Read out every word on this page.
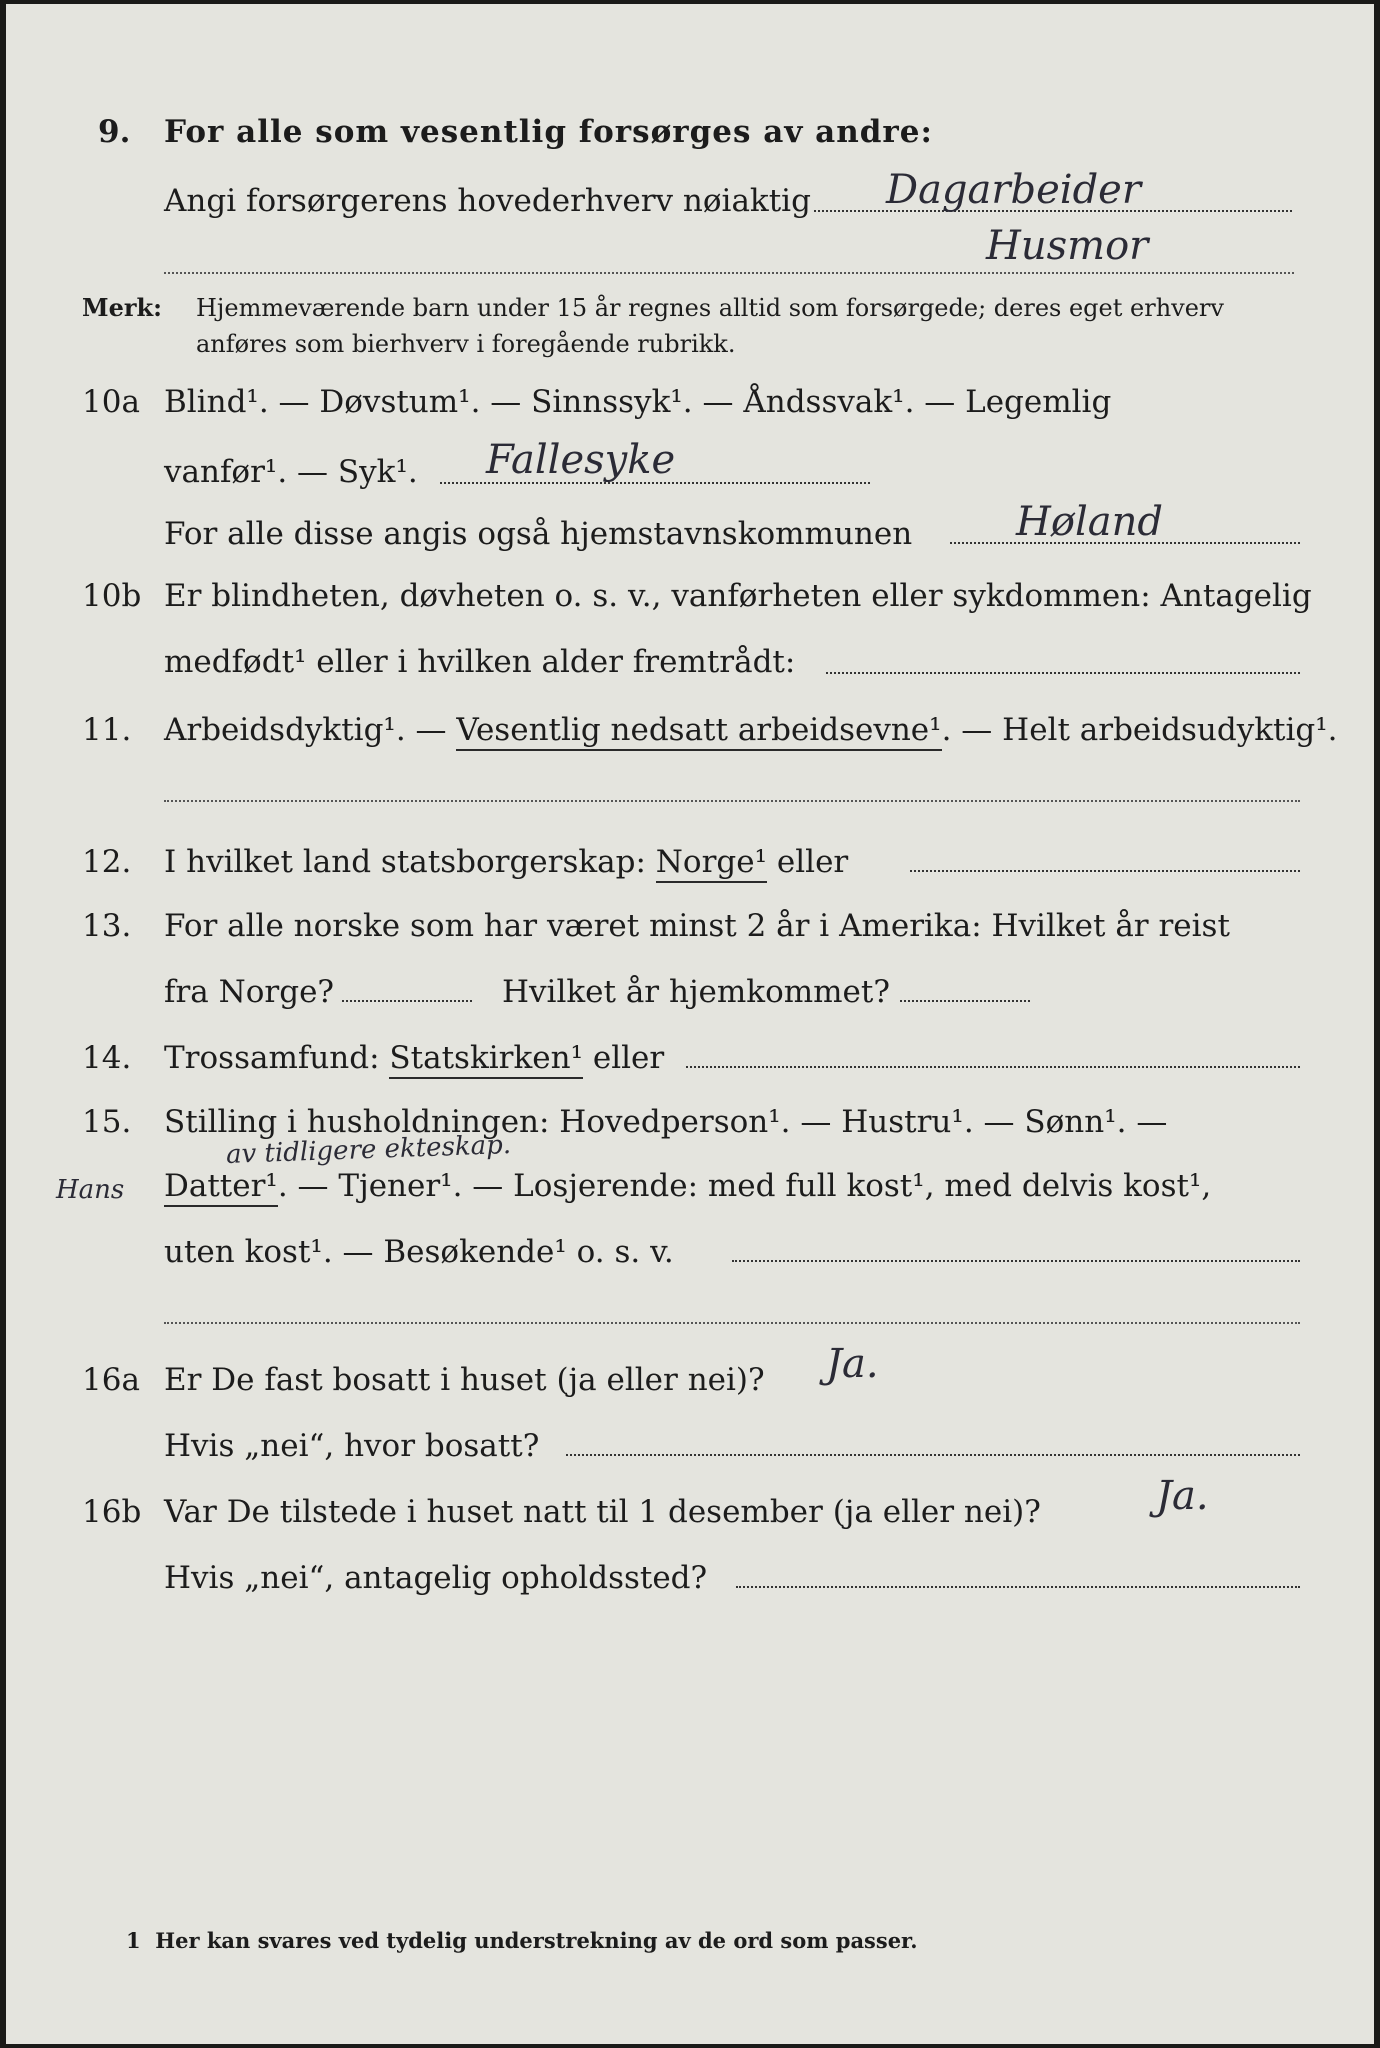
9. For alle som vesentlig forsørges av andre:
Angi forsørgerens hovederhverv nøiaktig Dagarbeider
Husmor
Merk: Hjemmeværende barn under 15 år regnes alltid som forsørgede; deres eget erhverv
anføres som bierhverv i foregående rubrikk.
10a Blind¹. — Døvstum¹. — Sinnssyk¹. — Åndssvak¹. — Legemlig
vanfør¹. — Syk¹. Fallesyke
For alle disse angis også hjemstavnskommunen	Høland
10b Er blindheten, døvheten o. s. v., vanførheten eller sykdommen: Antagelig
medfødt¹ eller i hvilken alder fremtrådt:
11. Arbeidsdyktig¹. — Vesentlig nedsatt arbeidsevne¹. — Helt arbeidsudyktig¹.
12. I hvilket land statsborgerskap: Norge¹ eller
13. For alle norske som har været minst 2 år i Amerika: Hvilket år reist
fra Norge?	Hvilket år hjemkommet?
14. Trossamfund: Statskirken¹ eller
15. Stilling i husholdningen: Hovedperson¹. — Hustru¹. — Sønn¹. —
av tidligere ekteskap.
Hans Datter¹. — Tjener¹. — Losjerende: med full kost¹, med delvis kost¹,
uten kost¹. — Besøkende¹ o. s. v.
16a Er De fast bosatt i huset (ja eller nei)? Ja.
Hvis „nei“, hvor bosatt?
16b Var De tilstede i huset natt til 1 desember (ja eller nei)?	Ja.
Hvis „nei“, antagelig opholdssted?
1 Her kan svares ved tydelig understrekning av de ord som passer.
